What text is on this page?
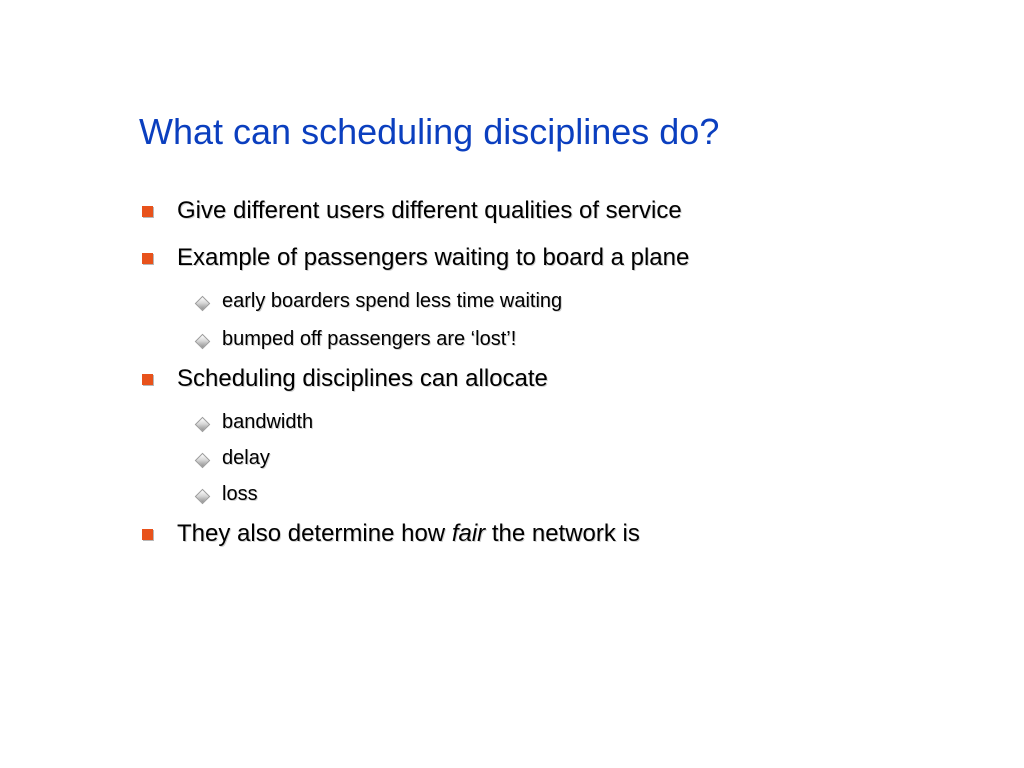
What can scheduling disciplines do?
Give different users different qualities of service
Example of passengers waiting to board a plane
early boarders spend less time waiting
bumped off passengers are ‘lost’!
Scheduling disciplines can allocate
bandwidth
delay
loss
They also determine how fair the network is
